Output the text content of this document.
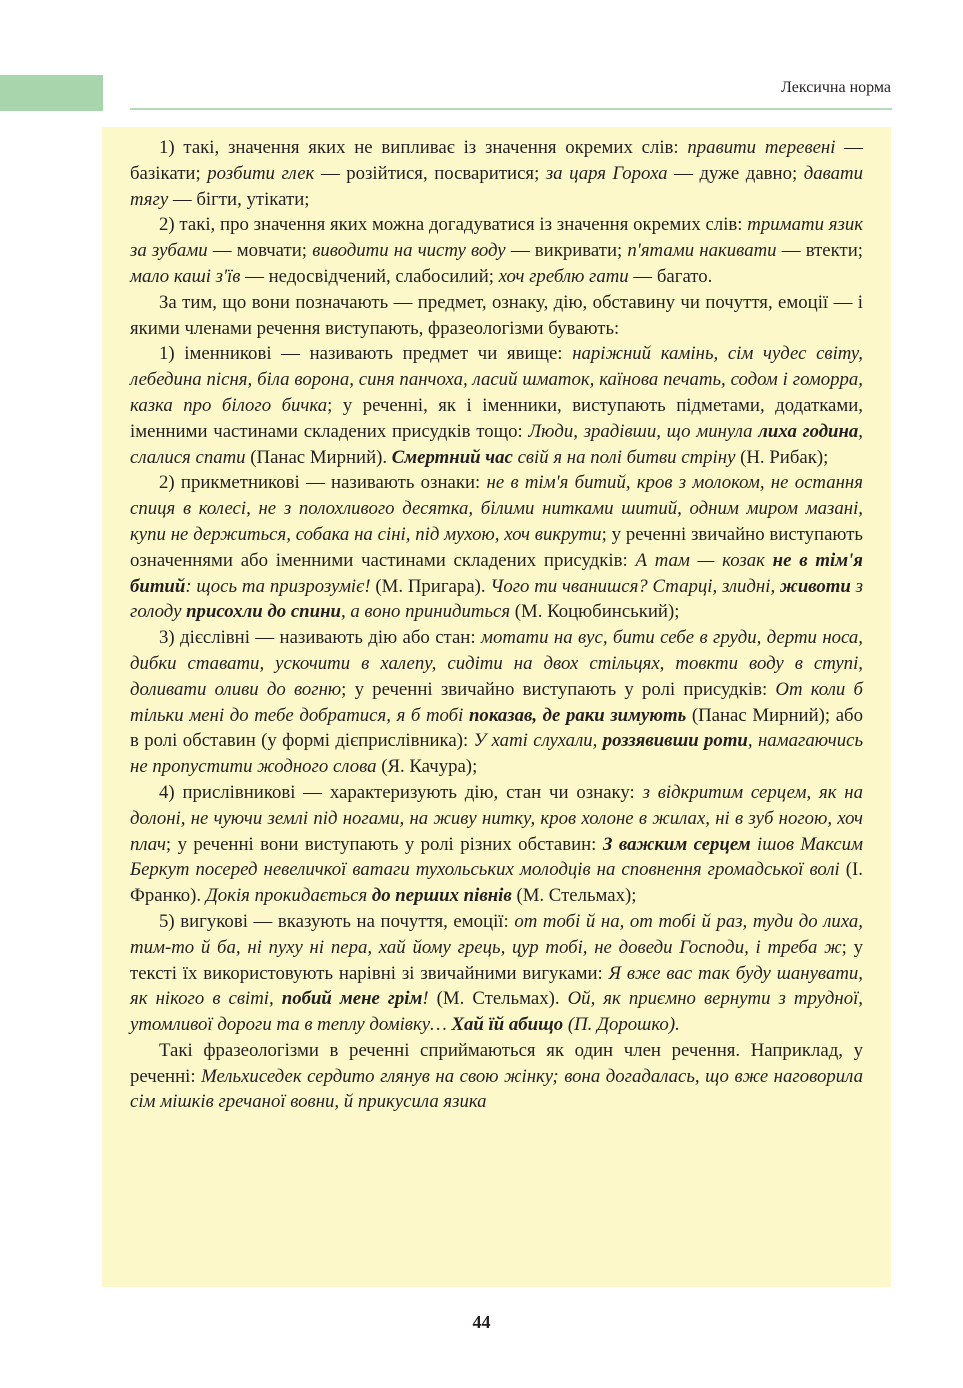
Лексична норма

1) такі, значення яких не випливає із значення окремих слів: правити теревені — базікати; розбити глек — розійтися, посваритися; за царя Гороха — дуже давно; давати тягу — бігти, утікати;

2) такі, про значення яких можна догадуватися із значення окремих слів: тримати язик за зубами — мовчати; виводити на чисту воду — викривати; п'ятами накивати — втекти; мало каші з'їв — недосвідчений, слабосилий; хоч греблю гати — багато.

За тим, що вони позначають — предмет, ознаку, дію, обставину чи почуття, емоції — і якими членами речення виступають, фразеологізми бувають:

1) іменникові — називають предмет чи явище: наріжний камінь, сім чудес світу, лебедина пісня, біла ворона, синя панчоха, ласий шматок, каїнова печать, содом і гоморра, казка про білого бичка; у реченні, як і іменники, виступають підметами, додатками, іменними частинами складених присудків тощо: Люди, зрадівши, що минула лиха година, слалися спати (Панас Мирний). Смертний час свій я на полі битви стріну (Н. Рибак);

2) прикметникові — називають ознаки: не в тім'я битий, кров з молоком, не остання спиця в колесі, не з полохливого десятка, білими нитками шитий, одним миром мазані, купи не держиться, собака на сіні, під мухою, хоч викрути; у реченні звичайно виступають означеннями або іменними частинами складених присудків: А там — козак не в тім'я битий: щось та призрозуміє! (М. Пригара). Чого ти чванишся? Старці, злидні, животи з голоду присохли до спини, а воно принидиться (М. Коцюбинський);

3) дієслівні — називають дію або стан: мотати на вус, бити себе в груди, дерти носа, дибки ставати, ускочити в халепу, сидіти на двох стільцях, товкти воду в ступі, доливати оливи до вогню; у реченні звичайно виступають у ролі присудків: От коли б тільки мені до тебе добратися, я б тобі показав, де раки зимують (Панас Мирний); або в ролі обставин (у формі дієприслівника): У хаті слухали, роззявивши роти, намагаючись не пропустити жодного слова (Я. Качура);

4) прислівникові — характеризують дію, стан чи ознаку: з відкритим серцем, як на долоні, не чуючи землі під ногами, на живу нитку, кров холоне в жилах, ні в зуб ногою, хоч плач; у реченні вони виступають у ролі різних обставин: З важким серцем ішов Максим Беркут посеред невеличкої ватаги тухольських молодців на сповнення громадської волі (І. Франко). Докія прокидається до перших півнів (М. Стельмах);

5) вигукові — вказують на почуття, емоції: от тобі й на, от тобі й раз, туди до лиха, тим-то й ба, ні пуху ні пера, хай йому грець, цур тобі, не доведи Господи, і треба ж; у тексті їх використовують нарівні зі звичайними вигуками: Я вже вас так буду шанувати, як нікого в світі, побий мене грім! (М. Стельмах). Ой, як приємно вернути з трудної, утомливої дороги та в теплу домівку… Хай їй абищо (П. Дорошко).

Такі фразеологізми в реченні сприймаються як один член речення. Наприклад, у реченні: Мельхиседек сердито глянув на свою жінку; вона догадалась, що вже наговорила сім мішків гречаної вовни, й прикусила язика

44
